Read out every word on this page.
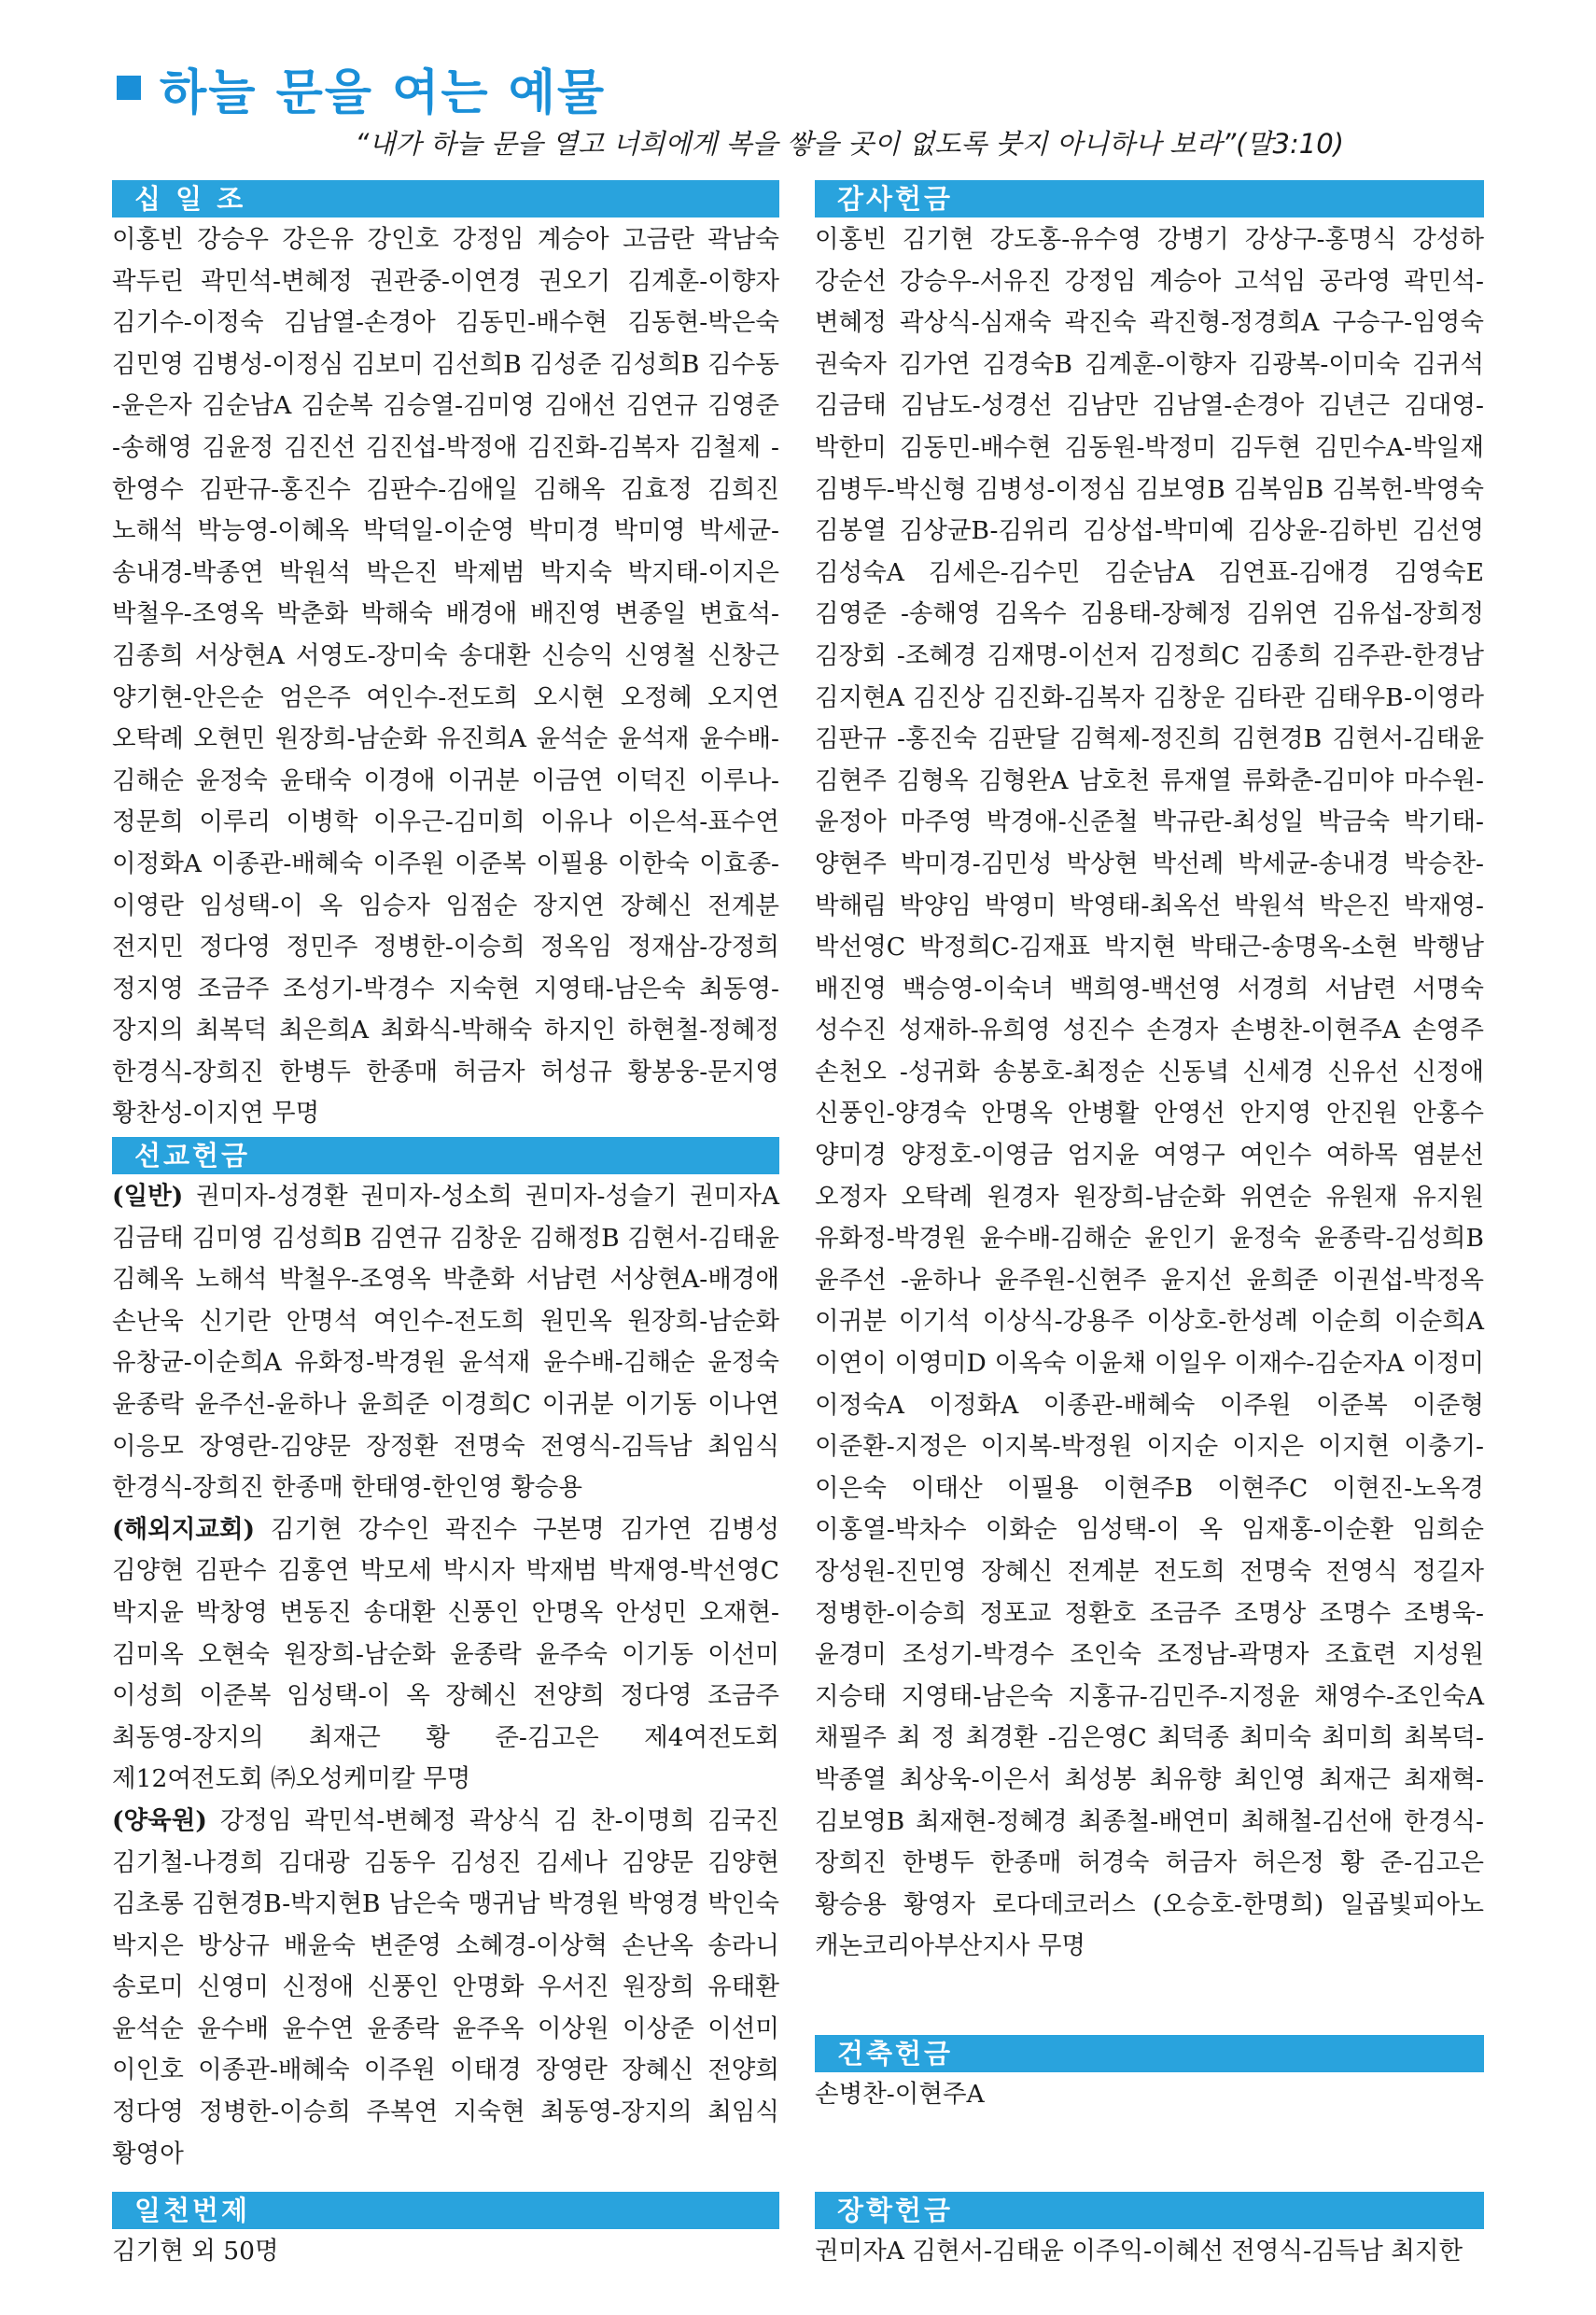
하늘 문을 여는 예물
“내가 하늘 문을 열고 너희에게 복을 쌓을 곳이 없도록 붓지 아니하나 보라”(말3:10)
십 일 조
이홍빈 강승우 강은유 강인호 강정임 계승아 고금란 곽남숙 곽두린 곽민석-변혜정 권관중-이연경 권오기 김계훈-이향자 김기수-이정숙 김남열-손경아 김동민-배수현 김동현-박은숙 김민영 김병성-이정심 김보미 김선희B 김성준 김성희B 김수동 -윤은자 김순남A 김순복 김승열-김미영 김애선 김연규 김영준 -송해영 김윤정 김진선 김진섭-박정애 김진화-김복자 김철제 -한영수 김판규-홍진수 김판수-김애일 김해옥 김효정 김희진 노해석 박능영-이혜옥 박덕일-이순영 박미경 박미영 박세균-송내경-박종연 박원석 박은진 박제범 박지숙 박지태-이지은 박철우-조영옥 박춘화 박해숙 배경애 배진영 변종일 변효석-김종희 서상현A 서영도-장미숙 송대환 신승익 신영철 신창근 양기현-안은순 엄은주 여인수-전도희 오시현 오정혜 오지연 오탁례 오현민 원장희-남순화 유진희A 윤석순 윤석재 윤수배-김해순 윤정숙 윤태숙 이경애 이귀분 이금연 이덕진 이루나-정문희 이루리 이병학 이우근-김미희 이유나 이은석-표수연 이정화A 이종관-배혜숙 이주원 이준복 이필용 이한숙 이효종-이영란 임성택-이 옥 임승자 임점순 장지연 장혜신 전계분 전지민 정다영 정민주 정병한-이승희 정옥임 정재삼-강정희 정지영 조금주 조성기-박경수 지숙현 지영태-남은숙 최동영-장지의 최복덕 최은희A 최화식-박해숙 하지인 하현철-정혜정 한경식-장희진 한병두 한종매 허금자 허성규 황봉웅-문지영 황찬성-이지연 무명
선교헌금
(일반) 권미자-성경환 권미자-성소희 권미자-성슬기 권미자A 김금태 김미영 김성희B 김연규 김창운 김해정B 김현서-김태윤 김혜옥 노해석 박철우-조영옥 박춘화 서남련 서상현A-배경애 손난욱 신기란 안명석 여인수-전도희 원민옥 원장희-남순화 유창균-이순희A 유화정-박경원 윤석재 윤수배-김해순 윤정숙 윤종락 윤주선-윤하나 윤희준 이경희C 이귀분 이기동 이나연 이응모 장영란-김양문 장정환 전명숙 전영식-김득남 최임식 한경식-장희진 한종매 한태영-한인영 황승용
(해외지교회) 김기현 강수인 곽진수 구본명 김가연 김병성 김양현 김판수 김홍연 박모세 박시자 박재범 박재영-박선영C 박지윤 박창영 변동진 송대환 신풍인 안명옥 안성민 오재현-김미옥 오현숙 원장희-남순화 윤종락 윤주숙 이기동 이선미 이성희 이준복 임성택-이 옥 장혜신 전양희 정다영 조금주 최동영-장지의 최재근 황 준-김고은 제4여전도회 제12여전도회 ㈜오성케미칼 무명
(양육원) 강정임 곽민석-변혜정 곽상식 김 찬-이명희 김국진 김기철-나경희 김대광 김동우 김성진 김세나 김양문 김양현 김초롱 김현경B-박지현B 남은숙 맹귀남 박경원 박영경 박인숙 박지은 방상규 배윤숙 변준영 소혜경-이상혁 손난옥 송라니 송로미 신영미 신정애 신풍인 안명화 우서진 원장희 유태환 윤석순 윤수배 윤수연 윤종락 윤주옥 이상원 이상준 이선미 이인호 이종관-배혜숙 이주원 이태경 장영란 장혜신 전양희 정다영 정병한-이승희 주복연 지숙현 최동영-장지의 최임식 황영아
일천번제
김기현 외 50명
감사헌금
이홍빈 김기현 강도홍-유수영 강병기 강상구-홍명식 강성하 강순선 강승우-서유진 강정임 계승아 고석임 공라영 곽민석-변혜정 곽상식-심재숙 곽진숙 곽진형-정경희A 구승구-임영숙 권숙자 김가연 김경숙B 김계훈-이향자 김광복-이미숙 김귀석 김금태 김남도-성경선 김남만 김남열-손경아 김년근 김대영-박한미 김동민-배수현 김동원-박정미 김두현 김민수A-박일재 김병두-박신형 김병성-이정심 김보영B 김복임B 김복헌-박영숙 김봉열 김상균B-김위리 김상섭-박미예 김상윤-김하빈 김선영 김성숙A 김세은-김수민 김순남A 김연표-김애경 김영숙E 김영준 -송해영 김옥수 김용태-장혜정 김위연 김유섭-장희정 김장회 -조혜경 김재명-이선저 김정희C 김종희 김주관-한경남 김지현A 김진상 김진화-김복자 김창운 김타관 김태우B-이영라 김판규 -홍진숙 김판달 김혁제-정진희 김현경B 김현서-김태윤 김현주 김형옥 김형완A 남호천 류재열 류화춘-김미야 마수원-윤정아 마주영 박경애-신준철 박규란-최성일 박금숙 박기태-양현주 박미경-김민성 박상현 박선례 박세균-송내경 박승찬-박해림 박양임 박영미 박영태-최옥선 박원석 박은진 박재영-박선영C 박정희C-김재표 박지현 박태근-송명옥-소현 박행남 배진영 백승영-이숙녀 백희영-백선영 서경희 서남련 서명숙 성수진 성재하-유희영 성진수 손경자 손병찬-이현주A 손영주 손천오 -성귀화 송봉호-최정순 신동녘 신세경 신유선 신정애 신풍인-양경숙 안명옥 안병활 안영선 안지영 안진원 안홍수 양미경 양정호-이영금 엄지윤 여영구 여인수 여하목 염분선 오정자 오탁례 원경자 원장희-남순화 위연순 유원재 유지원 유화정-박경원 윤수배-김해순 윤인기 윤정숙 윤종락-김성희B 윤주선 -윤하나 윤주원-신현주 윤지선 윤희준 이권섭-박정옥 이귀분 이기석 이상식-강용주 이상호-한성례 이순희 이순희A 이연이 이영미D 이옥숙 이윤채 이일우 이재수-김순자A 이정미 이정숙A 이정화A 이종관-배혜숙 이주원 이준복 이준형 이준환-지정은 이지복-박정원 이지순 이지은 이지현 이충기-이은숙 이태산 이필용 이현주B 이현주C 이현진-노옥경 이홍열-박차수 이화순 임성택-이 옥 임재홍-이순환 임희순 장성원-진민영 장혜신 전계분 전도희 전명숙 전영식 정길자 정병한-이승희 정포교 정환호 조금주 조명상 조명수 조병욱-윤경미 조성기-박경수 조인숙 조정남-곽명자 조효련 지성원 지승태 지영태-남은숙 지홍규-김민주-지정윤 채영수-조인숙A 채필주 최 정 최경환 -김은영C 최덕종 최미숙 최미희 최복덕-박종열 최상욱-이은서 최성봉 최유향 최인영 최재근 최재혁-김보영B 최재현-정혜경 최종철-배연미 최해철-김선애 한경식-장희진 한병두 한종매 허경숙 허금자 허은정 황 준-김고은 황승용 황영자 로다데코러스 (오승호-한명희) 일곱빛피아노 캐논코리아부산지사 무명
건축헌금
손병찬-이현주A
장학헌금
권미자A 김현서-김태윤 이주익-이혜선 전영식-김득남 최지한
